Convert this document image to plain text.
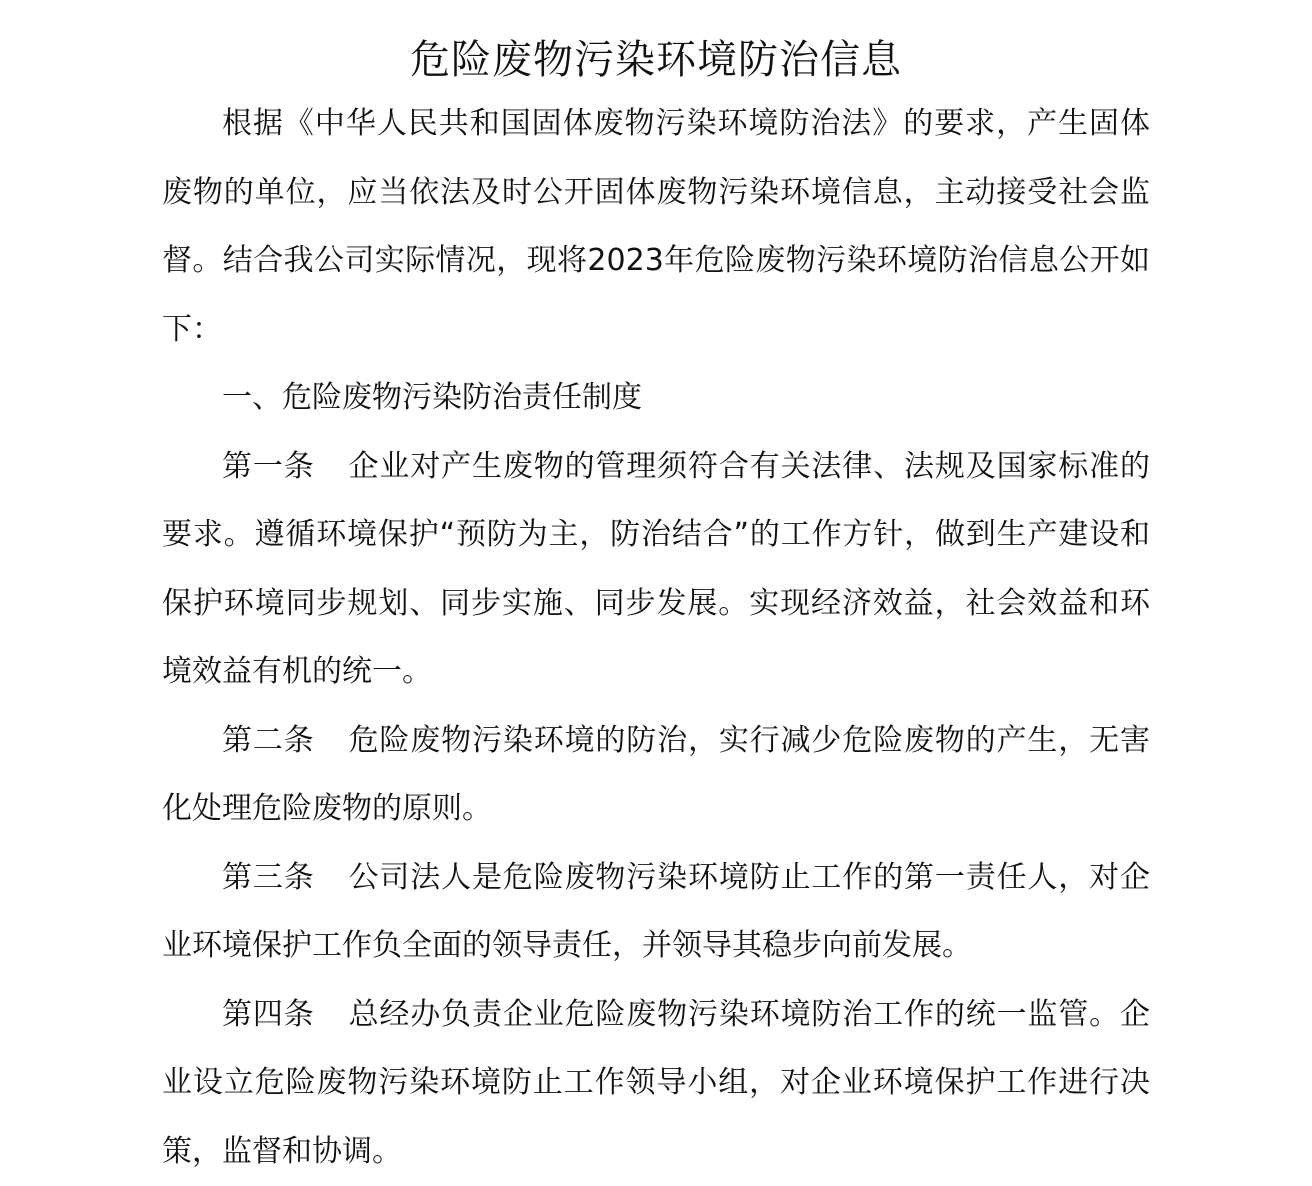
危险废物污染环境防治信息

根据《中华人民共和国固体废物污染环境防治法》的要求，产生固体废物的单位，应当依法及时公开固体废物污染环境信息，主动接受社会监督。结合我公司实际情况，现将2023年危险废物污染环境防治信息公开如下：

一、危险废物污染防治责任制度

第一条 企业对产生废物的管理须符合有关法律、法规及国家标准的要求。遵循环境保护“预防为主，防治结合”的工作方针，做到生产建设和保护环境同步规划、同步实施、同步发展。实现经济效益，社会效益和环境效益有机的统一。

第二条 危险废物污染环境的防治，实行减少危险废物的产生，无害化处理危险废物的原则。

第三条 公司法人是危险废物污染环境防止工作的第一责任人，对企业环境保护工作负全面的领导责任，并领导其稳步向前发展。

第四条 总经办负责企业危险废物污染环境防治工作的统一监管。企业设立危险废物污染环境防止工作领导小组，对企业环境保护工作进行决策，监督和协调。
